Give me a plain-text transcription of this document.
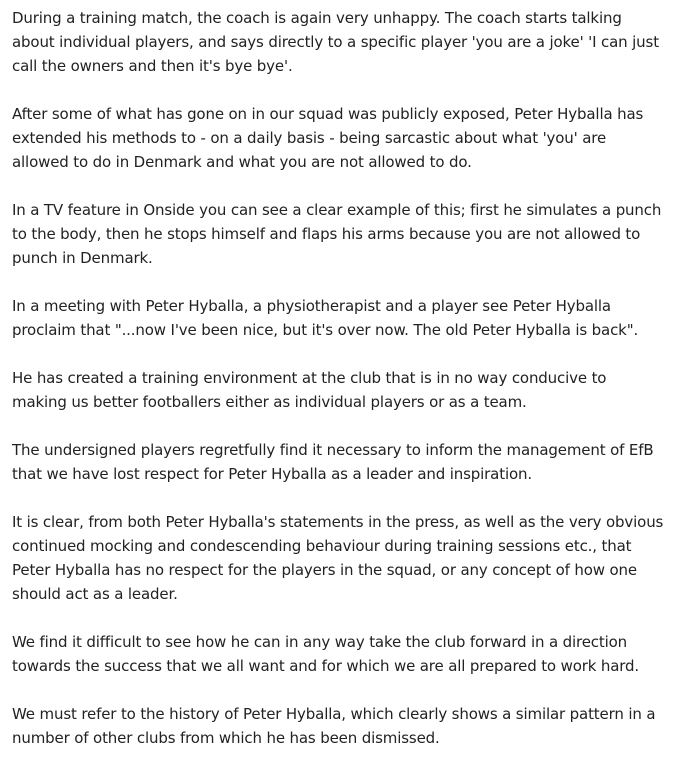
During a training match, the coach is again very unhappy. The coach starts talking about individual players, and says directly to a specific player 'you are a joke' 'I can just call the owners and then it's bye bye'.

After some of what has gone on in our squad was publicly exposed, Peter Hyballa has extended his methods to - on a daily basis - being sarcastic about what 'you' are allowed to do in Denmark and what you are not allowed to do.

In a TV feature in Onside you can see a clear example of this; first he simulates a punch to the body, then he stops himself and flaps his arms because you are not allowed to punch in Denmark.

In a meeting with Peter Hyballa, a physiotherapist and a player see Peter Hyballa proclaim that "...now I've been nice, but it's over now. The old Peter Hyballa is back".

He has created a training environment at the club that is in no way conducive to making us better footballers either as individual players or as a team.

The undersigned players regretfully find it necessary to inform the management of EfB that we have lost respect for Peter Hyballa as a leader and inspiration.

It is clear, from both Peter Hyballa's statements in the press, as well as the very obvious continued mocking and condescending behaviour during training sessions etc., that Peter Hyballa has no respect for the players in the squad, or any concept of how one should act as a leader.

We find it difficult to see how he can in any way take the club forward in a direction towards the success that we all want and for which we are all prepared to work hard.

We must refer to the history of Peter Hyballa, which clearly shows a similar pattern in a number of other clubs from which he has been dismissed.
